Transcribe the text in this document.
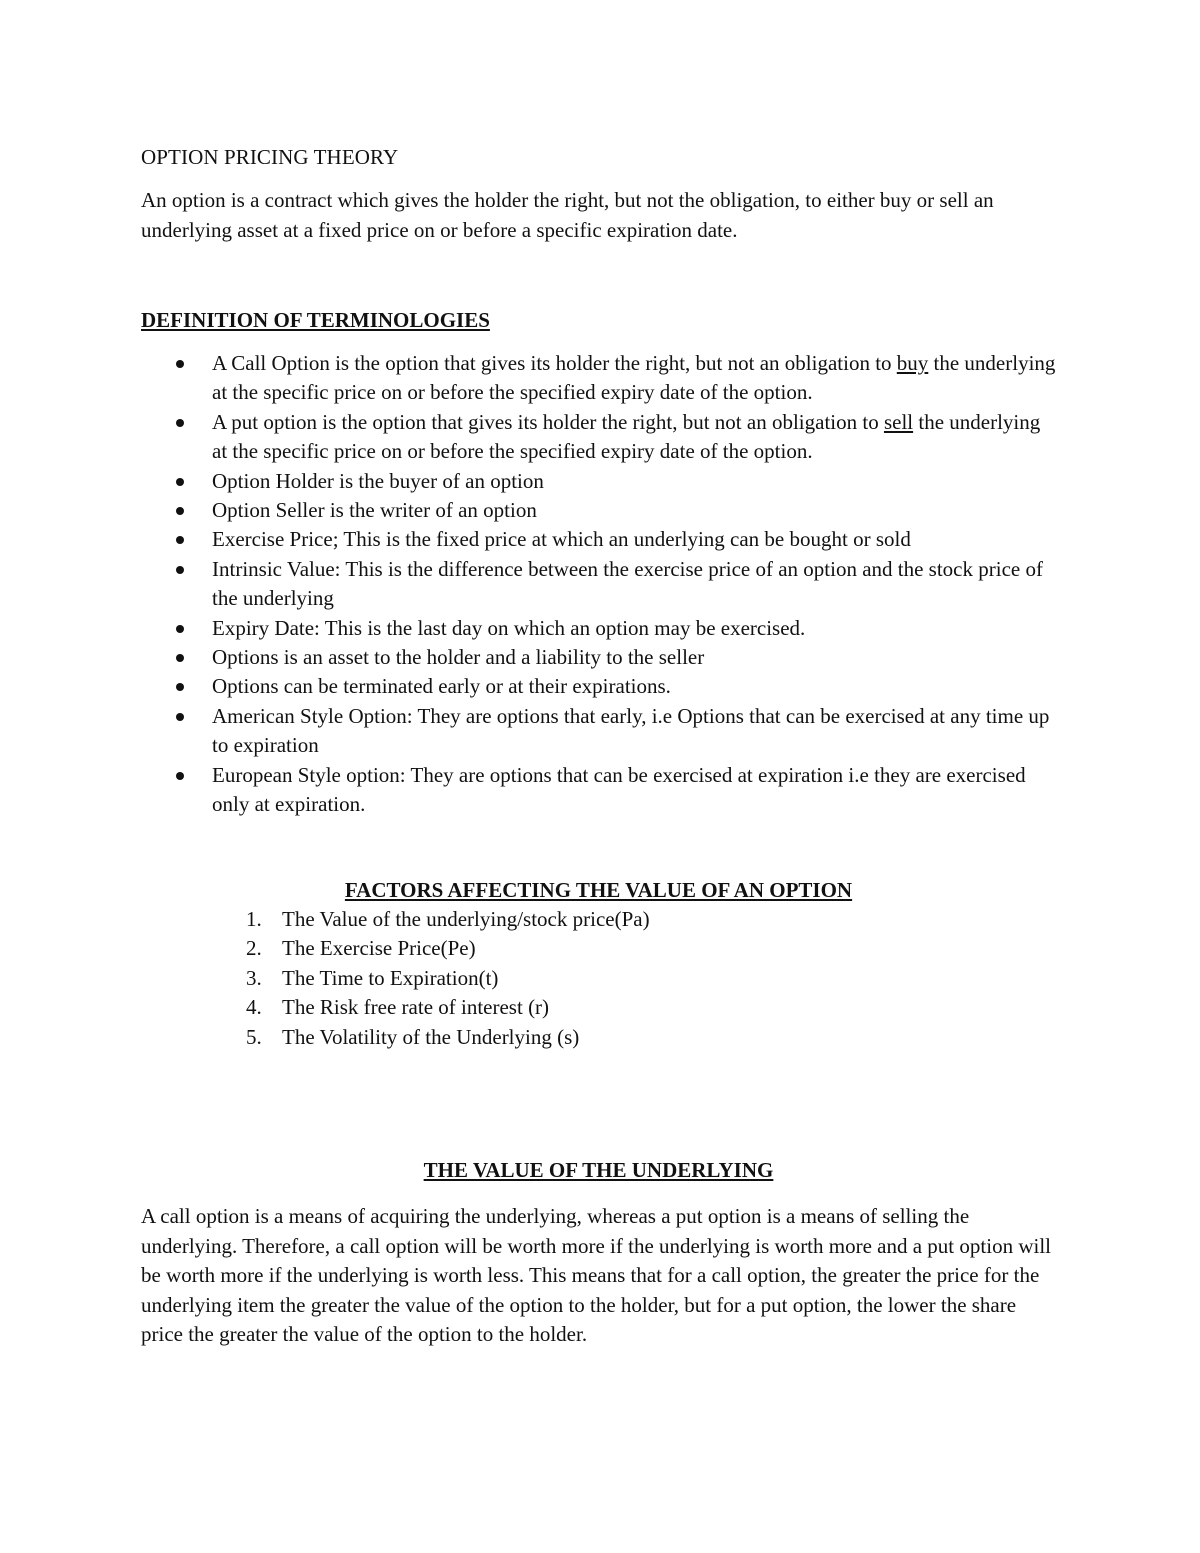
OPTION PRICING THEORY

An option is a contract which gives the holder the right, but not the obligation, to either buy or sell an underlying asset at a fixed price on or before a specific expiration date.

DEFINITION OF TERMINOLOGIES
A Call Option is the option that gives its holder the right, but not an obligation to buy the underlying at the specific price on or before the specified expiry date of the option.
A put option is the option that gives its holder the right, but not an obligation to sell the underlying at the specific price on or before the specified expiry date of the option.
Option Holder is the buyer of an option
Option Seller is the writer of an option
Exercise Price; This is the fixed price at which an underlying can be bought or sold
Intrinsic Value: This is the difference between the exercise price of an option and the stock price of the underlying
Expiry Date: This is the last day on which an option may be exercised.
Options is an asset to the holder and a liability to the seller
Options can be terminated early or at their expirations.
American Style Option: They are options that early, i.e Options that can be exercised at any time up to expiration
European Style option: They are options that can be exercised at expiration i.e they are exercised only at expiration.
FACTORS AFFECTING THE VALUE OF AN OPTION
1. The Value of the underlying/stock price(Pa)
2. The Exercise Price(Pe)
3. The Time to Expiration(t)
4. The Risk free rate of interest (r)
5. The Volatility of the Underlying (s)
THE VALUE OF THE UNDERLYING

A call option is a means of acquiring the underlying, whereas a put option is a means of selling the underlying. Therefore, a call option will be worth more if the underlying is worth more and a put option will be worth more if the underlying is worth less. This means that for a call option, the greater the price for the underlying item the greater the value of the option to the holder, but for a put option, the lower the share price the greater the value of the option to the holder.
